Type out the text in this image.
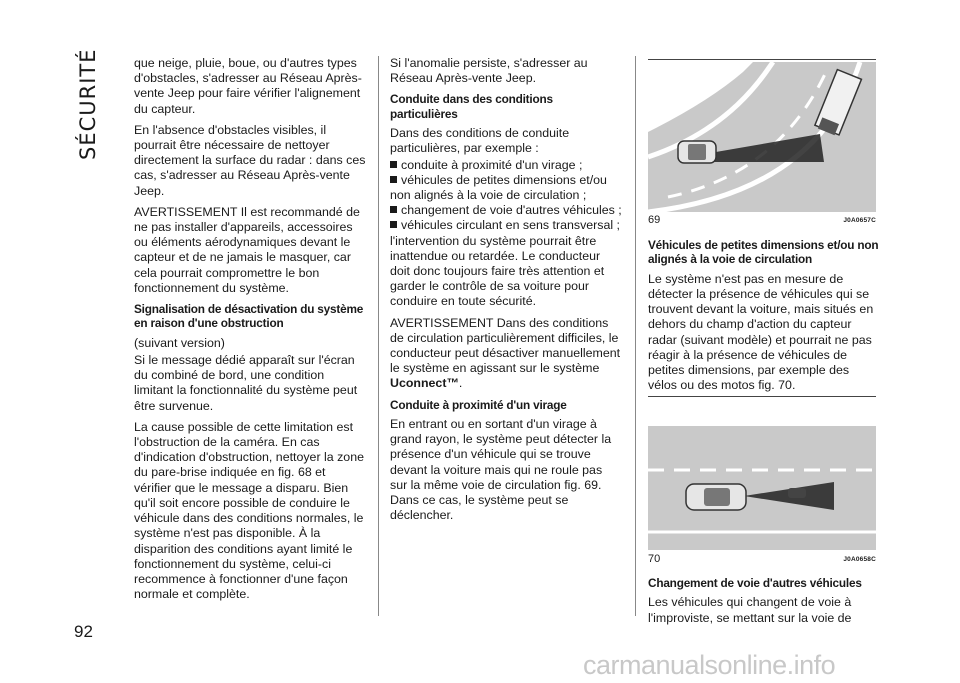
SÉCURITÉ
92

que neige, pluie, boue, ou d'autres types d'obstacles, s'adresser au Réseau Après-vente Jeep pour faire vérifier l'alignement du capteur.

En l'absence d'obstacles visibles, il pourrait être nécessaire de nettoyer directement la surface du radar : dans ces cas, s'adresser au Réseau Après-vente Jeep.

AVERTISSEMENT Il est recommandé de ne pas installer d'appareils, accessoires ou éléments aérodynamiques devant le capteur et de ne jamais le masquer, car cela pourrait compromettre le bon fonctionnement du système.

Signalisation de désactivation du système en raison d'une obstruction

(suivant version)

Si le message dédié apparaît sur l'écran du combiné de bord, une condition limitant la fonctionnalité du système peut être survenue.

La cause possible de cette limitation est l'obstruction de la caméra. En cas d'indication d'obstruction, nettoyer la zone du pare-brise indiquée en fig. 68 et vérifier que le message a disparu. Bien qu'il soit encore possible de conduire le véhicule dans des conditions normales, le système n'est pas disponible. À la disparition des conditions ayant limité le fonctionnement du système, celui-ci recommence à fonctionner d'une façon normale et complète.

Si l'anomalie persiste, s'adresser au Réseau Après-vente Jeep.

Conduite dans des conditions particulières

Dans des conditions de conduite particulières, par exemple :

conduite à proximité d'un virage ;
véhicules de petites dimensions et/ou non alignés à la voie de circulation ;
changement de voie d'autres véhicules ;
véhicules circulant en sens transversal ;

l'intervention du système pourrait être inattendue ou retardée. Le conducteur doit donc toujours faire très attention et garder le contrôle de sa voiture pour conduire en toute sécurité.

AVERTISSEMENT Dans des conditions de circulation particulièrement difficiles, le conducteur peut désactiver manuellement le système en agissant sur le système Uconnect™.

Conduite à proximité d'un virage

En entrant ou en sortant d'un virage à grand rayon, le système peut détecter la présence d'un véhicule qui se trouve devant la voiture mais qui ne roule pas sur la même voie de circulation fig. 69. Dans ce cas, le système peut se déclencher.

69	J0A0657C
Véhicules de petites dimensions et/ou non alignés à la voie de circulation

Le système n'est pas en mesure de détecter la présence de véhicules qui se trouvent devant la voiture, mais situés en dehors du champ d'action du capteur radar (suivant modèle) et pourrait ne pas réagir à la présence de véhicules de petites dimensions, par exemple des vélos ou des motos fig. 70.

70	J0A0658C
Changement de voie d'autres véhicules

Les véhicules qui changent de voie à l'improviste, se mettant sur la voie de

carmanualsonline.info
